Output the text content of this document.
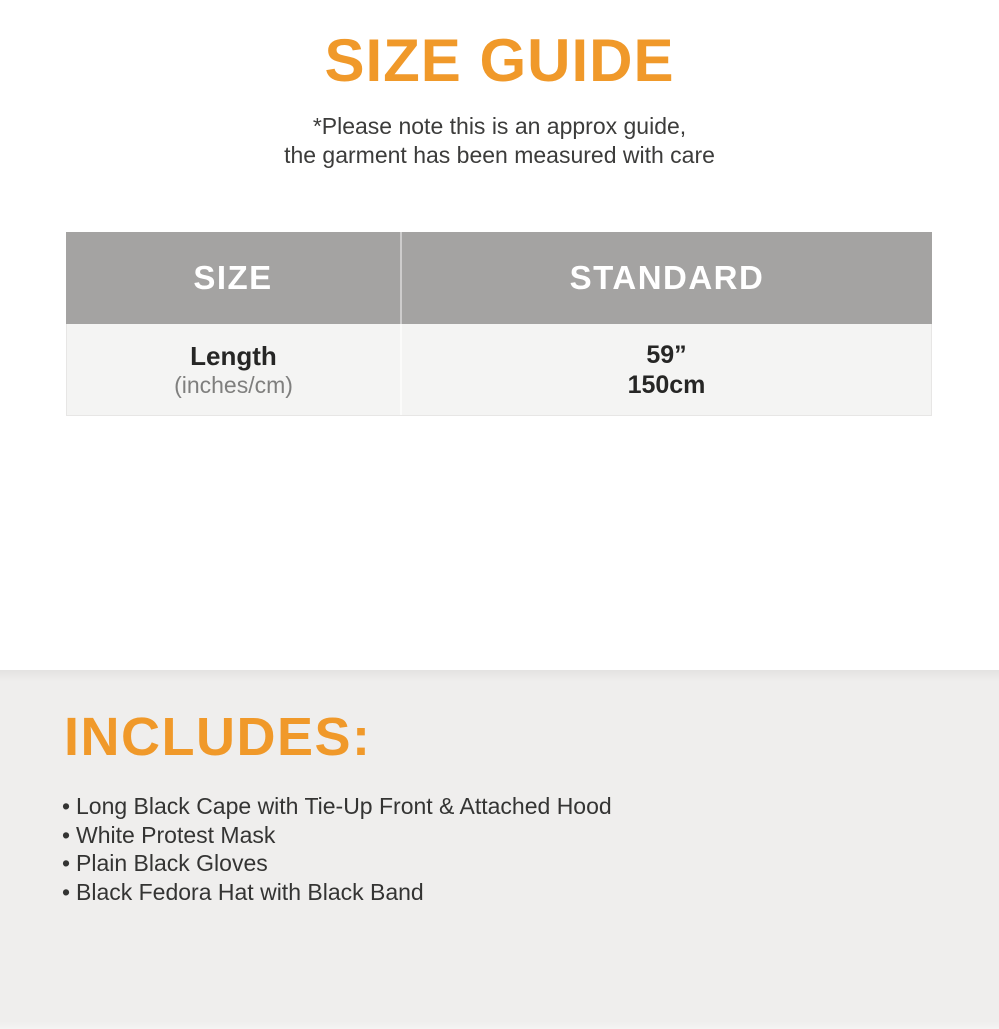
SIZE GUIDE
*Please note this is an approx guide,
the garment has been measured with care
SIZE	STANDARD
Length
(inches/cm)
59”
150cm
INCLUDES:
• Long Black Cape with Tie-Up Front & Attached Hood
• White Protest Mask
• Plain Black Gloves
• Black Fedora Hat with Black Band
